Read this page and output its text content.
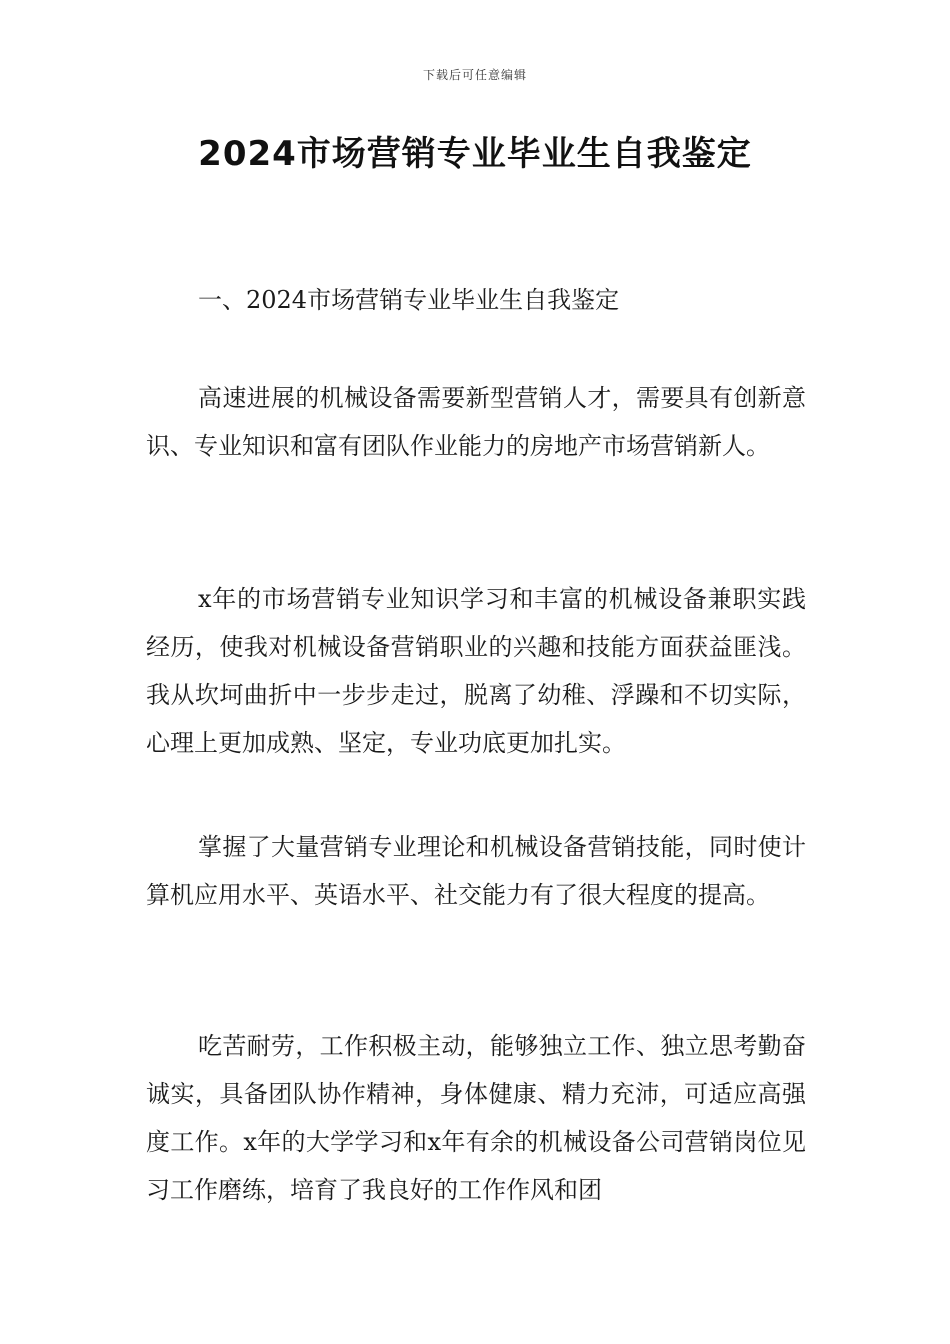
下载后可任意编辑
2024市场营销专业毕业生自我鉴定
一、2024市场营销专业毕业生自我鉴定

高速进展的机械设备需要新型营销人才，需要具有创新意识、专业知识和富有团队作业能力的房地产市场营销新人。

x年的市场营销专业知识学习和丰富的机械设备兼职实践经历，使我对机械设备营销职业的兴趣和技能方面获益匪浅。我从坎坷曲折中一步步走过，脱离了幼稚、浮躁和不切实际，心理上更加成熟、坚定，专业功底更加扎实。

掌握了大量营销专业理论和机械设备营销技能，同时使计算机应用水平、英语水平、社交能力有了很大程度的提高。

吃苦耐劳，工作积极主动，能够独立工作、独立思考勤奋诚实，具备团队协作精神，身体健康、精力充沛，可适应高强度工作。x年的大学学习和x年有余的机械设备公司营销岗位见习工作磨练，培育了我良好的工作作风和团
